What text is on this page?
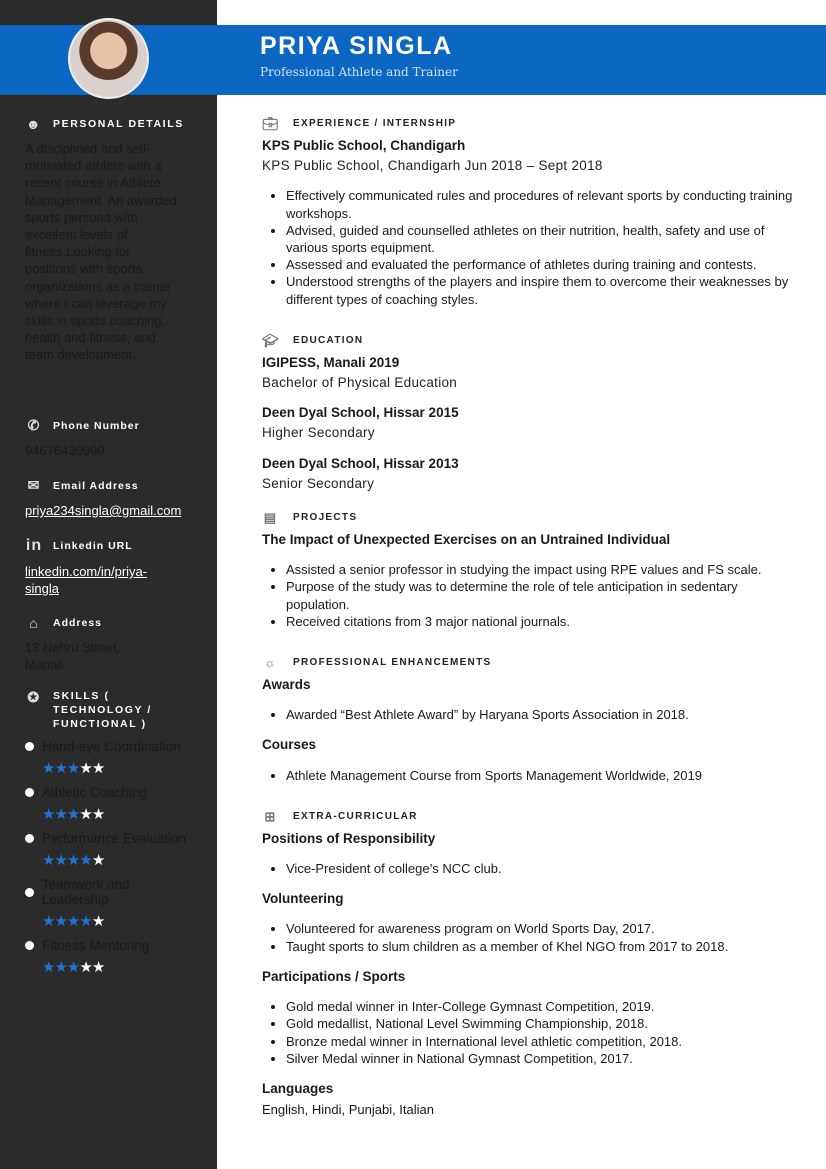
PRIYA SINGLA
Professional Athlete and Trainer
☻ PERSONAL DETAILS
A disciplined and self-motivated athlete with a recent course in Athlete Management. An awarded sports persona with excellent levels of fitness.Looking for positions with sports organizations as a trainer where I can leverage my skills in sports coaching, health and fitness, and team development.
✆ Phone Number
94676430990
✉ Email Address
priya234singla@gmail.com
in Linkedin URL
linkedin.com/in/priya-singla
⌂	Address
13 Nehru Street, Manali
✪ SKILLS ( TECHNOLOGY / FUNCTIONAL )
Hand-eye Coordination
★★★★★
Athletic Coaching
★★★★★
Performance Evaluation
★★★★★
Teamwork and Leadership
★★★★★
Fitness Mentoring
★★★★★
💼︎ EXPERIENCE / INTERNSHIP
KPS Public School, Chandigarh
KPS Public School, Chandigarh Jun 2018 – Sept 2018
• Effectively communicated rules and procedures of relevant sports by conducting training workshops.
• Advised, guided and counselled athletes on their nutrition, health, safety and use of various sports equipment.
• Assessed and evaluated the performance of athletes during training and contests.
• Understood strengths of the players and inspire them to overcome their weaknesses by different types of coaching styles.
🎓︎ EDUCATION
IGIPESS, Manali 2019
Bachelor of Physical Education
Deen Dyal School, Hissar 2015
Higher Secondary
Deen Dyal School, Hissar 2013
Senior Secondary
▤ PROJECTS
The Impact of Unexpected Exercises on an Untrained Individual
• Assisted a senior professor in studying the impact using RPE values and FS scale.
• Purpose of the study was to determine the role of tele anticipation in sedentary population.
• Received citations from 3 major national journals.
☼ PROFESSIONAL ENHANCEMENTS
Awards
• Awarded “Best Athlete Award” by Haryana Sports Association in 2018.
Courses
• Athlete Management Course from Sports Management Worldwide, 2019
⊞ EXTRA-CURRICULAR
Positions of Responsibility
• Vice-President of college’s NCC club.
Volunteering
• Volunteered for awareness program on World Sports Day, 2017.
• Taught sports to slum children as a member of Khel NGO from 2017 to 2018.
Participations / Sports
• Gold medal winner in Inter-College Gymnast Competition, 2019.
• Gold medallist, National Level Swimming Championship, 2018.
• Bronze medal winner in International level athletic competition, 2018.
• Silver Medal winner in National Gymnast Competition, 2017.
Languages
English, Hindi, Punjabi, Italian
